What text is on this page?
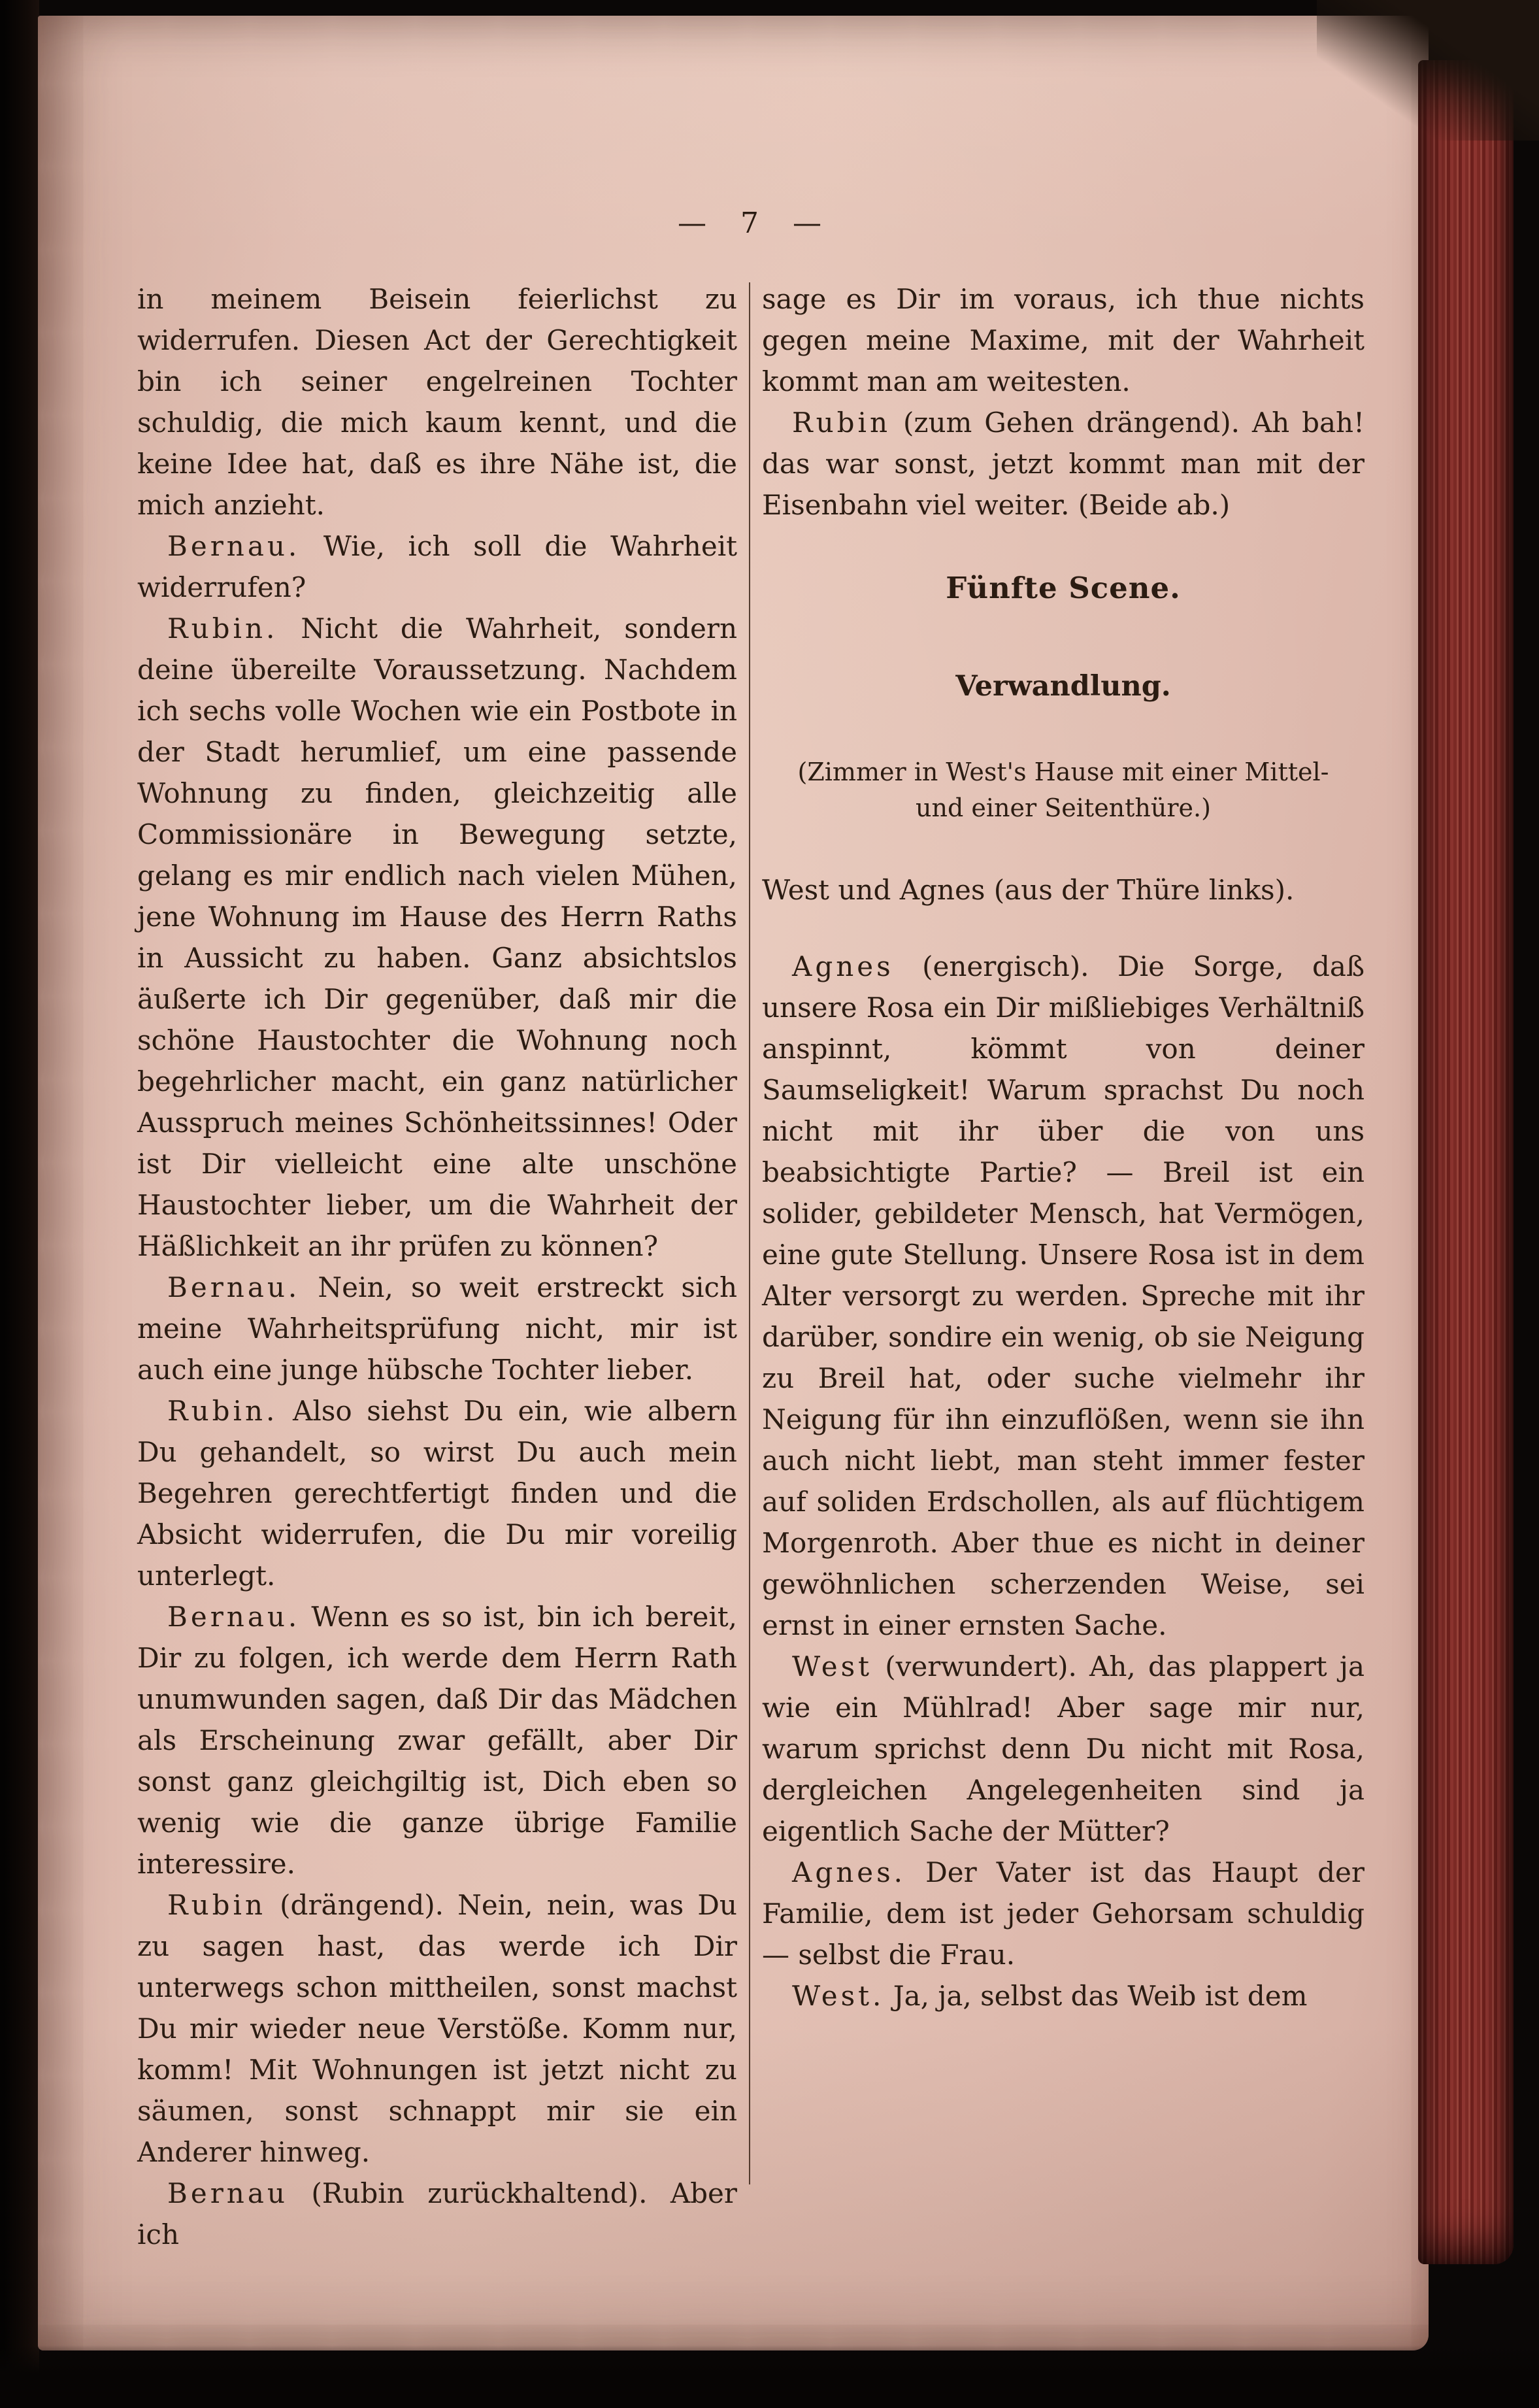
— 7 —

in meinem Beisein feierlichst zu widerrufen. Diesen Act der Gerechtigkeit bin ich seiner engelreinen Tochter schuldig, die mich kaum kennt, und die keine Idee hat, daß es ihre Nähe ist, die mich anzieht.

Bernau. Wie, ich soll die Wahrheit widerrufen?

Rubin. Nicht die Wahrheit, sondern deine übereilte Voraussetzung. Nachdem ich sechs volle Wochen wie ein Postbote in der Stadt herumlief, um eine passende Wohnung zu finden, gleichzeitig alle Commissionäre in Bewegung setzte, gelang es mir endlich nach vielen Mühen, jene Wohnung im Hause des Herrn Raths in Aussicht zu haben. Ganz absichtslos äußerte ich Dir gegenüber, daß mir die schöne Haustochter die Wohnung noch begehrlicher macht, ein ganz natürlicher Ausspruch meines Schönheitssinnes! Oder ist Dir vielleicht eine alte unschöne Haustochter lieber, um die Wahrheit der Häßlichkeit an ihr prüfen zu können?

Bernau. Nein, so weit erstreckt sich meine Wahrheitsprüfung nicht, mir ist auch eine junge hübsche Tochter lieber.

Rubin. Also siehst Du ein, wie albern Du gehandelt, so wirst Du auch mein Begehren gerechtfertigt finden und die Absicht widerrufen, die Du mir voreilig unterlegt.

Bernau. Wenn es so ist, bin ich bereit, Dir zu folgen, ich werde dem Herrn Rath unumwunden sagen, daß Dir das Mädchen als Erscheinung zwar gefällt, aber Dir sonst ganz gleichgiltig ist, Dich eben so wenig wie die ganze übrige Familie interessire.

Rubin (drängend). Nein, nein, was Du zu sagen hast, das werde ich Dir unterwegs schon mittheilen, sonst machst Du mir wieder neue Verstöße. Komm nur, komm! Mit Wohnungen ist jetzt nicht zu säumen, sonst schnappt mir sie ein Anderer hinweg.

Bernau (Rubin zurückhaltend). Aber ich

sage es Dir im voraus, ich thue nichts gegen meine Maxime, mit der Wahrheit kommt man am weitesten.

Rubin (zum Gehen drängend). Ah bah! das war sonst, jetzt kommt man mit der Eisenbahn viel weiter. (Beide ab.)

Fünfte Scene.

Verwandlung.

(Zimmer in West's Hause mit einer Mittel- und einer Seitenthüre.)

West und Agnes (aus der Thüre links).

Agnes (energisch). Die Sorge, daß unsere Rosa ein Dir mißliebiges Verhältniß anspinnt, kömmt von deiner Saumseligkeit! Warum sprachst Du noch nicht mit ihr über die von uns beabsichtigte Partie? — Breil ist ein solider, gebildeter Mensch, hat Vermögen, eine gute Stellung. Unsere Rosa ist in dem Alter versorgt zu werden. Spreche mit ihr darüber, sondire ein wenig, ob sie Neigung zu Breil hat, oder suche vielmehr ihr Neigung für ihn einzuflößen, wenn sie ihn auch nicht liebt, man steht immer fester auf soliden Erdschollen, als auf flüchtigem Morgenroth. Aber thue es nicht in deiner gewöhnlichen scherzenden Weise, sei ernst in einer ernsten Sache.

West (verwundert). Ah, das plappert ja wie ein Mühlrad! Aber sage mir nur, warum sprichst denn Du nicht mit Rosa, dergleichen Angelegenheiten sind ja eigentlich Sache der Mütter?

Agnes. Der Vater ist das Haupt der Familie, dem ist jeder Gehorsam schuldig — selbst die Frau.

West. Ja, ja, selbst das Weib ist dem
